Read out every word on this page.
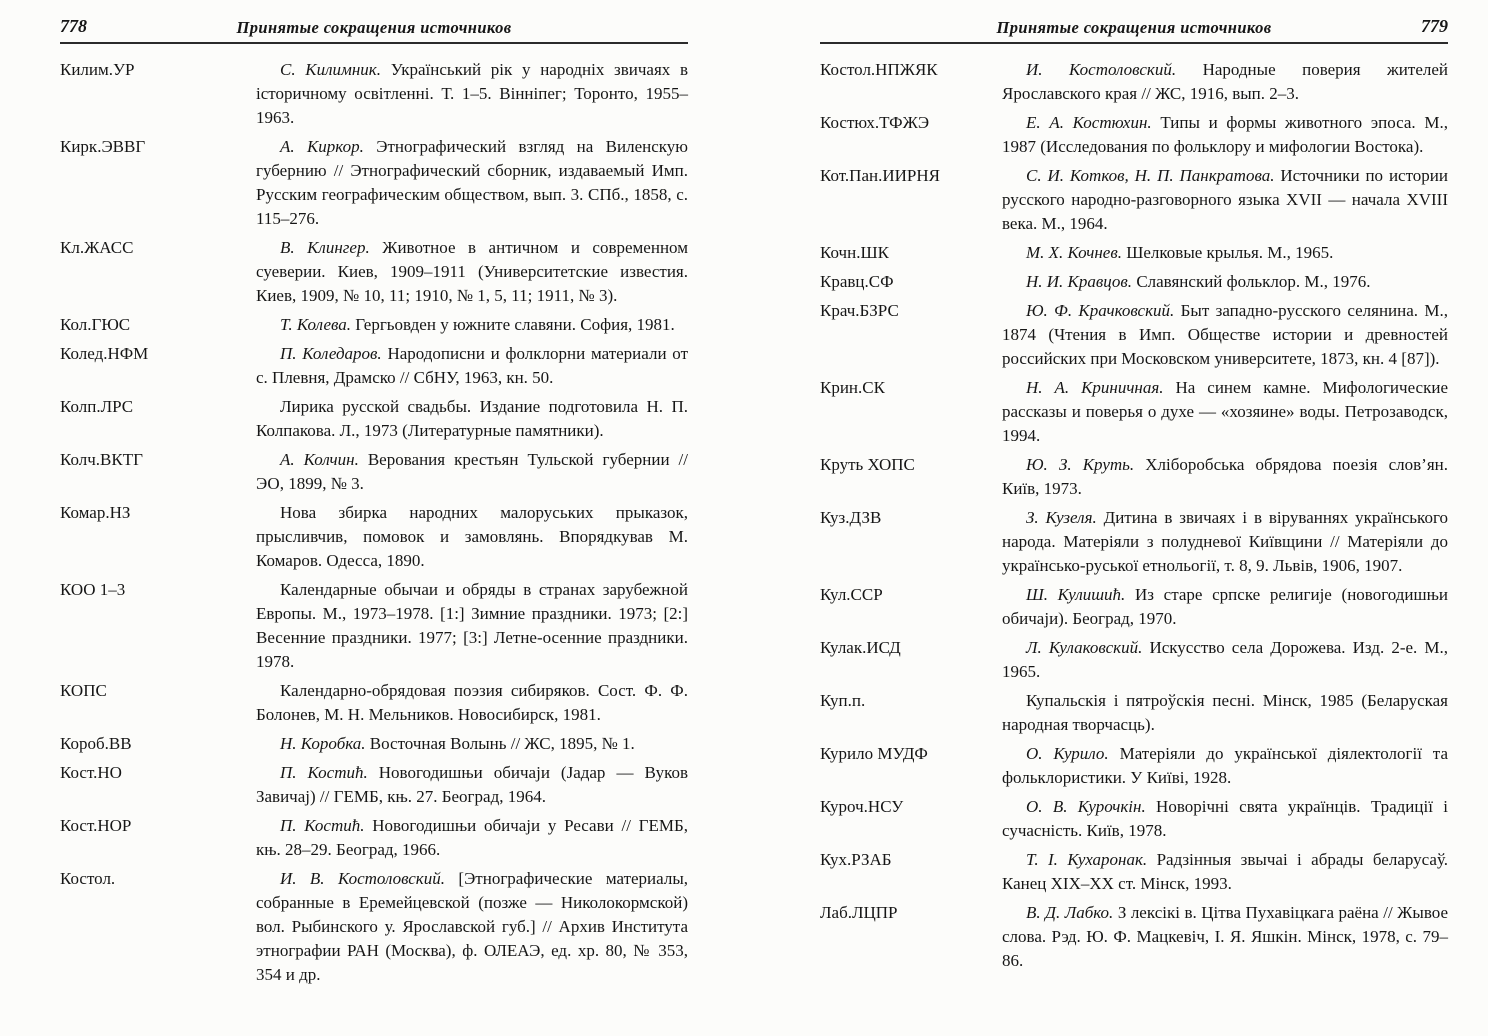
778	Принятые сокращения источников
Килим.УР	С. Килимник. Український рік у народніх звичаях в історичному освітленні. Т. 1–5. Вінніпег; Торонто, 1955–1963.
Кирк.ЭВВГ	А. Киркор. Этнографический взгляд на Виленскую губернию // Этнографический сборник, издаваемый Имп. Русским географическим обществом, вып. 3. СПб., 1858, с. 115–276.
Кл.ЖАСС	В. Клингер. Животное в античном и современном суеверии. Киев, 1909–1911 (Университетские известия. Киев, 1909, № 10, 11; 1910, № 1, 5, 11; 1911, № 3).
Кол.ГЮС	Т. Колева. Гергьовден у южните славяни. София, 1981.
Колед.НФМ	П. Коледаров. Народописни и фолклорни материали от с. Плевня, Драмско // СбНУ, 1963, кн. 50.
Колп.ЛРС	Лирика русской свадьбы. Издание подготовила Н. П. Колпакова. Л., 1973 (Литературные памятники).
Колч.ВКТГ	А. Колчин. Верования крестьян Тульской губернии // ЭО, 1899, № 3.
Комар.НЗ	Нова збирка народних малоруських прыказок, прысливчив, помовок и замовлянь. Впорядкував М. Комаров. Одесса, 1890.
КОО 1–3	Календарные обычаи и обряды в странах зарубежной Европы. М., 1973–1978. [1:] Зимние праздники. 1973; [2:] Весенние праздники. 1977; [3:] Летне-осенние праздники. 1978.
КОПС	Календарно-обрядовая поэзия сибиряков. Сост. Ф. Ф. Болонев, М. Н. Мельников. Новосибирск, 1981.
Короб.ВВ	Н. Коробка. Восточная Волынь // ЖС, 1895, № 1.
Кост.НО	П. Костић. Новогодишњи обичаји (Јадар — Вуков Завичај) // ГЕМБ, књ. 27. Београд, 1964.
Кост.НОР	П. Костић. Новогодишњи обичаји у Ресави // ГЕМБ, књ. 28–29. Београд, 1966.
Костол.	И. В. Костоловский. [Этнографические материалы, собранные в Еремейцевской (позже — Николокормской) вол. Рыбинского у. Ярославской губ.] // Архив Института этнографии РАН (Москва), ф. ОЛЕАЭ, ед. хр. 80, № 353, 354 и др.
Принятые сокращения источников	779
Костол.НПЖЯК	И. Костоловский. Народные поверия жителей Ярославского края // ЖС, 1916, вып. 2–3.
Костюх.ТФЖЭ	Е. А. Костюхин. Типы и формы животного эпоса. М., 1987 (Исследования по фольклору и мифологии Востока).
Кот.Пан.ИИРНЯ	С. И. Котков, Н. П. Панкратова. Источники по истории русского народно-разговорного языка XVII — начала XVIII века. М., 1964.
Кочн.ШК	М. Х. Кочнев. Шелковые крылья. М., 1965.
Кравц.СФ	Н. И. Кравцов. Славянский фольклор. М., 1976.
Крач.БЗРС	Ю. Ф. Крачковский. Быт западно-русского селянина. М., 1874 (Чтения в Имп. Обществе истории и древностей российских при Московском университете, 1873, кн. 4 [87]).
Крин.СК	Н. А. Криничная. На синем камне. Мифологические рассказы и поверья о духе — «хозяине» воды. Петрозаводск, 1994.
Круть ХОПС	Ю. З. Круть. Хліборобська обрядова поезія слов’ян. Київ, 1973.
Куз.ДЗВ	З. Кузеля. Дитина в звичаях і в віруваннях українського народа. Матеріяли з полудневої Київщини // Матеріяли до українсько-руської етнольогії, т. 8, 9. Львів, 1906, 1907.
Кул.ССР	Ш. Кулишић. Из старе српске религије (новогодишњи обичаји). Београд, 1970.
Кулак.ИСД	Л. Кулаковский. Искусство села Дорожева. Изд. 2-е. М., 1965.
Куп.п.	Купальскія і пятроўскія песні. Мінск, 1985 (Беларуская народная творчасць).
Курило МУДФ	О. Курило. Матеріяли до української діялектології та фольклористики. У Київі, 1928.
Куроч.НСУ	О. В. Курочкін. Новорічні свята українців. Традиції і сучасність. Київ, 1978.
Кух.РЗАБ	Т. І. Кухаронак. Радзінныя звычаі і абрады беларусаў. Канец XIX–XX ст. Мінск, 1993.
Лаб.ЛЦПР	В. Д. Лабко. З лексікі в. Цітва Пухавіцкага раёна // Жывое слова. Рэд. Ю. Ф. Мацкевіч, І. Я. Яшкін. Мінск, 1978, с. 79–86.
